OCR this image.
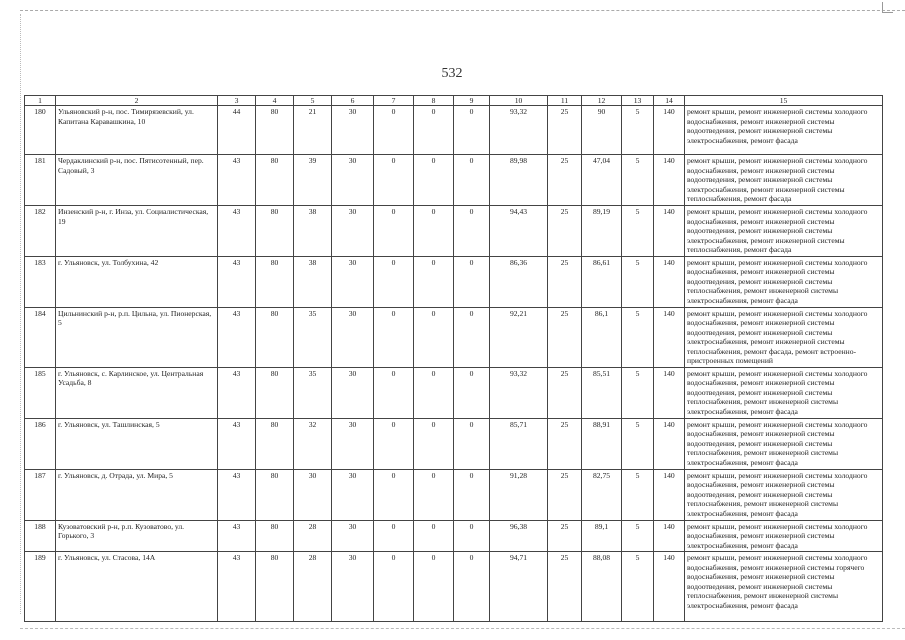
532
1	2	3	4	5	6	7	8	9	10	11	12	13	14	15
180	Ульяновский р-н, пос. Тимирязевский, ул. Капитана Каравашкина, 10	44	80	21	30	0	0	0	93,32	25	90	5	140	ремонт крыши, ремонт инженерной системы холодного водоснабжения, ремонт инженерной системы водоотведения, ремонт инженерной системы электроснабжения, ремонт фасада
181	Чердаклинский р-н, пос. Пятисотенный, пер. Садовый, 3	43	80	39	30	0	0	0	89,98	25	47,04	5	140	ремонт крыши, ремонт инженерной системы холодного водоснабжения, ремонт инженерной системы водоотведения, ремонт инженерной системы электроснабжения, ремонт инженерной системы теплоснабжения, ремонт фасада
182	Инзенский р-н, г. Инза, ул. Социалистическая, 19	43	80	38	30	0	0	0	94,43	25	89,19	5	140	ремонт крыши, ремонт инженерной системы холодного водоснабжения, ремонт инженерной системы водоотведения, ремонт инженерной системы электроснабжения, ремонт инженерной системы теплоснабжения, ремонт фасада
183	г. Ульяновск, ул. Толбухина, 42	43	80	38	30	0	0	0	86,36	25	86,61	5	140	ремонт крыши, ремонт инженерной системы холодного водоснабжения, ремонт инженерной системы водоотведения, ремонт инженерной системы теплоснабжения, ремонт инженерной системы электроснабжения, ремонт фасада
184	Цильнинский р-н, р.п. Цильна, ул. Пионерская, 5	43	80	35	30	0	0	0	92,21	25	86,1	5	140	ремонт крыши, ремонт инженерной системы холодного водоснабжения, ремонт инженерной системы водоотведения, ремонт инженерной системы электроснабжения, ремонт инженерной системы теплоснабжения, ремонт фасада, ремонт встроенно-пристроенных помещений
185	г. Ульяновск, с. Карлинское, ул. Центральная Усадьба, 8	43	80	35	30	0	0	0	93,32	25	85,51	5	140	ремонт крыши, ремонт инженерной системы холодного водоснабжения, ремонт инженерной системы водоотведения, ремонт инженерной системы теплоснабжения, ремонт инженерной системы электроснабжения, ремонт фасада
186	г. Ульяновск, ул. Ташлинская, 5	43	80	32	30	0	0	0	85,71	25	88,91	5	140	ремонт крыши, ремонт инженерной системы холодного водоснабжения, ремонт инженерной системы водоотведения, ремонт инженерной системы теплоснабжения, ремонт инженерной системы электроснабжения, ремонт фасада
187	г. Ульяновск, д. Отрада, ул. Мира, 5	43	80	30	30	0	0	0	91,28	25	82,75	5	140	ремонт крыши, ремонт инженерной системы холодного водоснабжения, ремонт инженерной системы водоотведения, ремонт инженерной системы теплоснабжения, ремонт инженерной системы электроснабжения, ремонт фасада
188	Кузоватовский р-н, р.п. Кузоватово, ул. Горького, 3	43	80	28	30	0	0	0	96,38	25	89,1	5	140	ремонт крыши, ремонт инженерной системы холодного водоснабжения, ремонт инженерной системы электроснабжения, ремонт фасада
189	г. Ульяновск, ул. Стасова, 14А	43	80	28	30	0	0	0	94,71	25	88,08	5	140	ремонт крыши, ремонт инженерной системы холодного водоснабжения, ремонт инженерной системы горячего водоснабжения, ремонт инженерной системы водоотведения, ремонт инженерной системы теплоснабжения, ремонт инженерной системы электроснабжения, ремонт фасада
